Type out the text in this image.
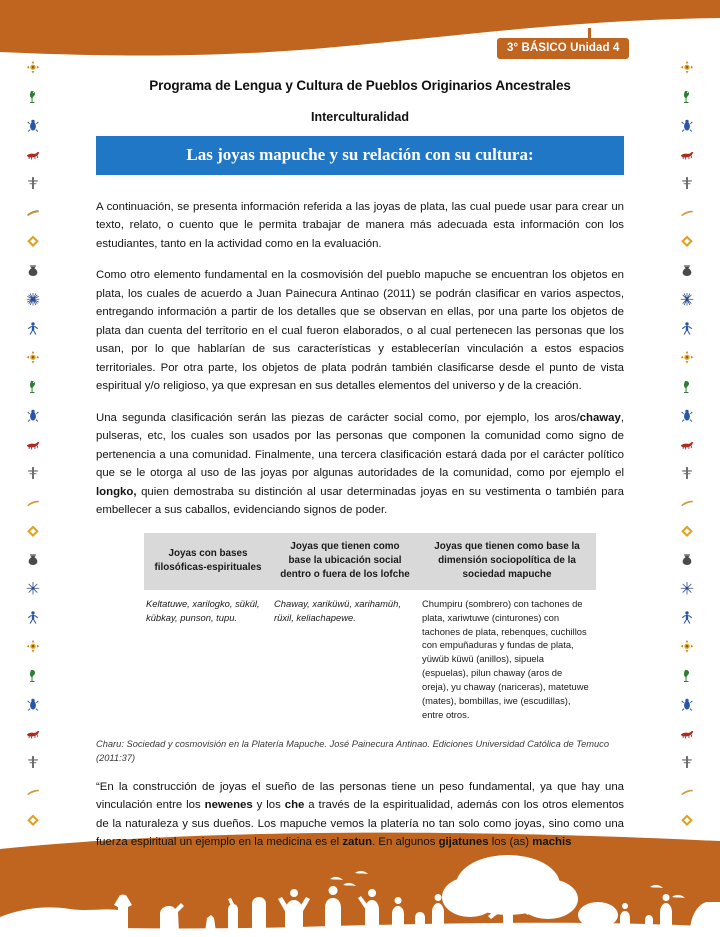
3° BÁSICO Unidad 4
Programa de Lengua y Cultura de Pueblos Originarios Ancestrales
Interculturalidad
Las joyas mapuche y su relación con su cultura:

A continuación, se presenta información referida a las joyas de plata, las cual puede usar para crear un texto, relato, o cuento que le permita trabajar de manera más adecuada esta información con los estudiantes, tanto en la actividad como en la evaluación.

Como otro elemento fundamental en la cosmovisión del pueblo mapuche se encuentran los objetos en plata, los cuales de acuerdo a Juan Painecura Antinao (2011) se podrán clasificar en varios aspectos, entregando información a partir de los detalles que se observan en ellas, por una parte los objetos de plata dan cuenta del territorio en el cual fueron elaborados, o al cual pertenecen las personas que los usan, por lo que hablarían de sus características y establecerían vinculación a estos espacios territoriales. Por otra parte, los objetos de plata podrán también clasificarse desde el punto de vista espiritual y/o religioso, ya que expresan en sus detalles elementos del universo y de la creación.

Una segunda clasificación serán las piezas de carácter social como, por ejemplo, los aros/chaway, pulseras, etc, los cuales son usados por las personas que componen la comunidad como signo de pertenencia a una comunidad. Finalmente, una tercera clasificación estará dada por el carácter político que se le otorga al uso de las joyas por algunas autoridades de la comunidad, como por ejemplo el longko, quien demostraba su distinción al usar determinadas joyas en su vestimenta o también para embellecer a sus caballos, evidenciando signos de poder.

Joyas con bases filosóficas-espirituales	Joyas que tienen como base la ubicación social dentro o fuera de los lofche	Joyas que tienen como base la dimensión sociopolítica de la sociedad mapuche
Keltatuwe, xarilogko, sükül, kübkay, punson, tupu.	Chaway, xariküwü, xarihamüh, rüxil, keliachapewe.	Chumpiru (sombrero) con tachones de plata, xariwtuwe (cinturones) con tachones de plata, rebenques, cuchillos con empuñaduras y fundas de plata, yüwüb küwü (anillos), sipuela (espuelas), pilun chaway (aros de oreja), yu chaway (nariceras), matetuwe (mates), bombillas, iwe (escudillas), entre otros.
Charu: Sociedad y cosmovisión en la Platería Mapuche. José Painecura Antinao. Ediciones Universidad Católica de Temuco (2011:37)

“En la construcción de joyas el sueño de las personas tiene un peso fundamental, ya que hay una vinculación entre los newenes y los che a través de la espiritualidad, además con los otros elementos de la naturaleza y sus dueños. Los mapuche vemos la platería no tan solo como joyas, sino como una fuerza espiritual un ejemplo en la medicina es el zatun. En algunos gijatunes los (as) machis
